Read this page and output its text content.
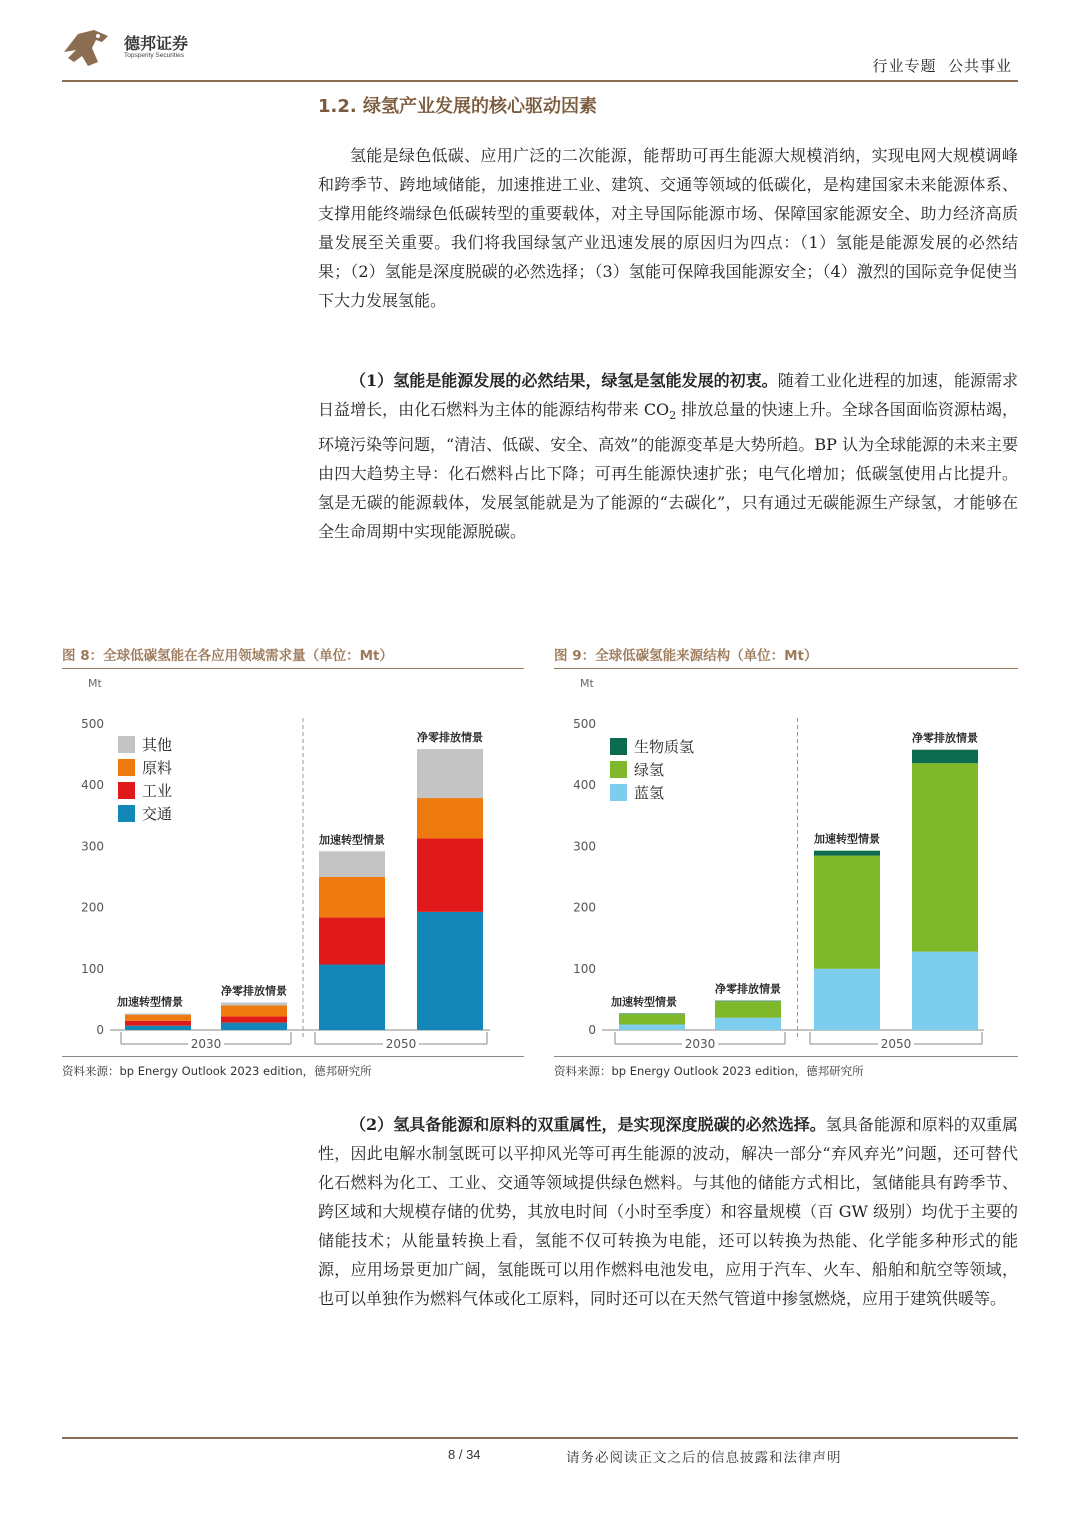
德邦证券
Topsperity Securities
行业专题  公共事业
1.2. 绿氢产业发展的核心驱动因素

氢能是绿色低碳、应用广泛的二次能源，能帮助可再生能源大规模消纳，实现电网大规模调峰和跨季节、跨地域储能，加速推进工业、建筑、交通等领域的低碳化，是构建国家未来能源体系、支撑用能终端绿色低碳转型的重要载体，对主导国际能源市场、保障国家能源安全、助力经济高质量发展至关重要。我们将我国绿氢产业迅速发展的原因归为四点：（1）氢能是能源发展的必然结果；（2）氢能是深度脱碳的必然选择；（3）氢能可保障我国能源安全；（4）激烈的国际竞争促使当下大力发展氢能。

（1）氢能是能源发展的必然结果，绿氢是氢能发展的初衷。随着工业化进程的加速，能源需求日益增长，由化石燃料为主体的能源结构带来 $CO_2$ 排放总量的快速上升。全球各国面临资源枯竭，环境污染等问题，“清洁、低碳、安全、高效”的能源变革是大势所趋。BP 认为全球能源的未来主要由四大趋势主导：化石燃料占比下降；可再生能源快速扩张；电气化增加；低碳氢使用占比提升。氢是无碳的能源载体，发展氢能就是为了能源的“去碳化”，只有通过无碳能源生产绿氢，才能够在全生命周期中实现能源脱碳。

图 8：全球低碳氢能在各应用领域需求量（单位：Mt）
Mt
0
100
200
300
400
500
加速转型情景
净零排放情景
加速转型情景
净零排放情景
2030	2050
其他
原料
工业
交通
资料来源：bp Energy Outlook 2023 edition，德邦研究所
图 9：全球低碳氢能来源结构（单位：Mt）
Mt
0
100
200
300
400
500
加速转型情景
净零排放情景
加速转型情景
净零排放情景
2030	2050
生物质氢
绿氢
蓝氢
资料来源：bp Energy Outlook 2023 edition，德邦研究所

（2）氢具备能源和原料的双重属性，是实现深度脱碳的必然选择。氢具备能源和原料的双重属性，因此电解水制氢既可以平抑风光等可再生能源的波动，解决一部分“弃风弃光”问题，还可替代化石燃料为化工、工业、交通等领域提供绿色燃料。与其他的储能方式相比，氢储能具有跨季节、跨区域和大规模存储的优势，其放电时间（小时至季度）和容量规模（百 GW 级别）均优于主要的储能技术；从能量转换上看，氢能不仅可转换为电能，还可以转换为热能、化学能多种形式的能源，应用场景更加广阔，氢能既可以用作燃料电池发电，应用于汽车、火车、船舶和航空等领域，也可以单独作为燃料气体或化工原料，同时还可以在天然气管道中掺氢燃烧，应用于建筑供暖等。

8 / 34	请务必阅读正文之后的信息披露和法律声明
